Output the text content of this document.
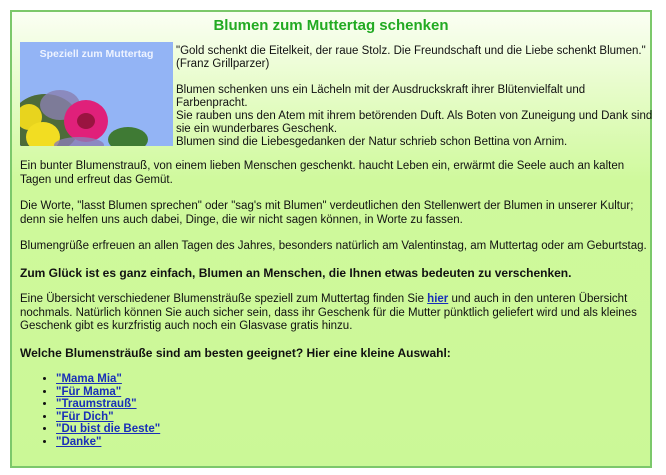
Blumen zum Muttertag schenken
Speziell zum Muttertag	"Gold schenkt die Eitelkeit, der raue Stolz. Die Freundschaft und die Liebe schenkt Blumen."
(Franz Grillparzer)

Blumen schenken uns ein Lächeln mit der Ausdruckskraft ihrer Blütenvielfalt und Farbenpracht.
Sie rauben uns den Atem mit ihrem betörenden Duft. Als Boten von Zuneigung und Dank sind sie ein wunderbares Geschenk.
Blumen sind die Liebesgedanken der Natur schrieb schon Bettina von Arnim.

Ein bunter Blumenstrauß, von einem lieben Menschen geschenkt. haucht Leben ein, erwärmt die Seele auch an kalten Tagen und erfreut das Gemüt.

Die Worte, "lasst Blumen sprechen" oder "sag's mit Blumen" verdeutlichen den Stellenwert der Blumen in unserer Kultur; denn sie helfen uns auch dabei, Dinge, die wir nicht sagen können, in Worte zu fassen.

Blumengrüße erfreuen an allen Tagen des Jahres, besonders natürlich am Valentinstag, am Muttertag oder am Geburtstag.

Zum Glück ist es ganz einfach, Blumen an Menschen, die Ihnen etwas bedeuten zu verschenken.

Eine Übersicht verschiedener Blumensträuße speziell zum Muttertag finden Sie hier und auch in den unteren Übersicht nochmals. Natürlich können Sie auch sicher sein, dass ihr Geschenk für die Mutter pünktlich geliefert wird und als kleines Geschenk gibt es kurzfristig auch noch ein Glasvase gratis hinzu.

Welche Blumensträuße sind am besten geeignet? Hier eine kleine Auswahl:

• "Mama Mia"
• "Für Mama"
• "Traumstrauß"
• "Für Dich"
• "Du bist die Beste"
• "Danke"
